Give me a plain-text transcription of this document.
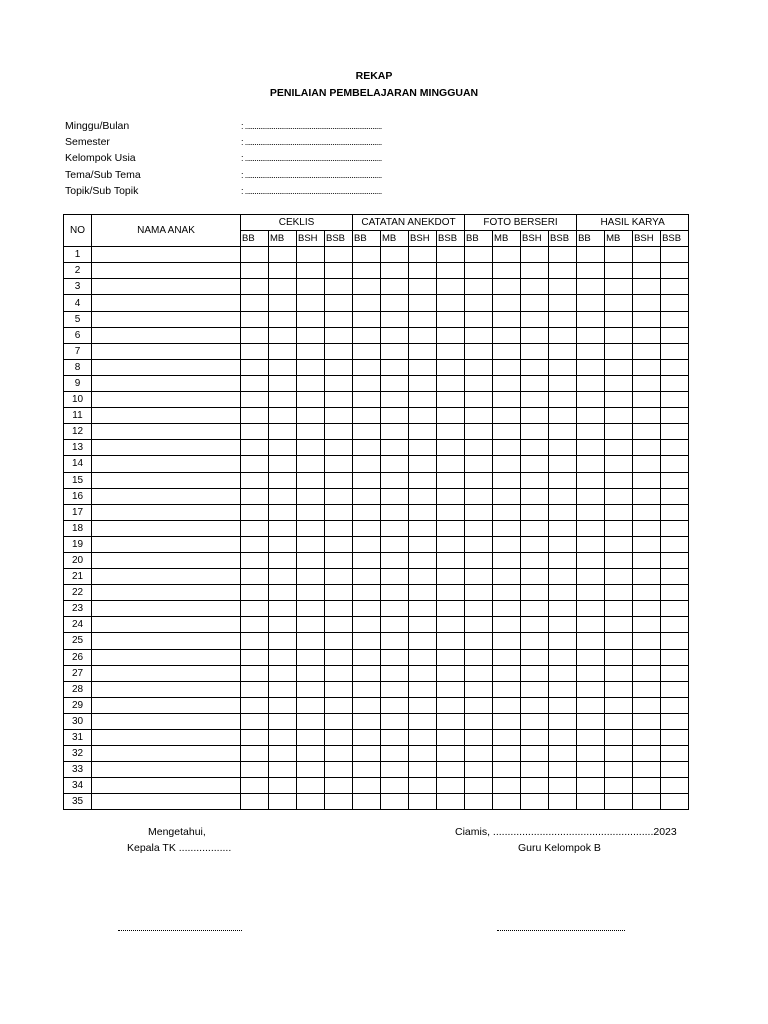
REKAP
PENILAIAN PEMBELAJARAN MINGGUAN
Minggu/Bulan	: ........................................................................
Semester	: ........................................................................
Kelompok Usia	: ........................................................................
Tema/Sub Tema	: ........................................................................
Topik/Sub Topik	: ........................................................................
NO	NAMA ANAK	CEKLIS				CATATAN ANEKDOT				FOTO BERSERI				HASIL KARYA			
		BB	MB	BSH	BSB	BB	MB	BSH	BSB	BB	MB	BSH	BSB	BB	MB	BSH	BSB
1																	
2																	
3																	
4																	
5																	
6																	
7																	
8																	
9																	
10																	
11																	
12																	
13																	
14																	
15																	
16																	
17																	
18																	
19																	
20																	
21																	
22																	
23																	
24																	
25																	
26																	
27																	
28																	
29																	
30																	
31																	
32																	
33																	
34																	
35																	
Mengetahui,
Kepala TK ..................
Ciamis, .......................................................2023
Guru Kelompok B
